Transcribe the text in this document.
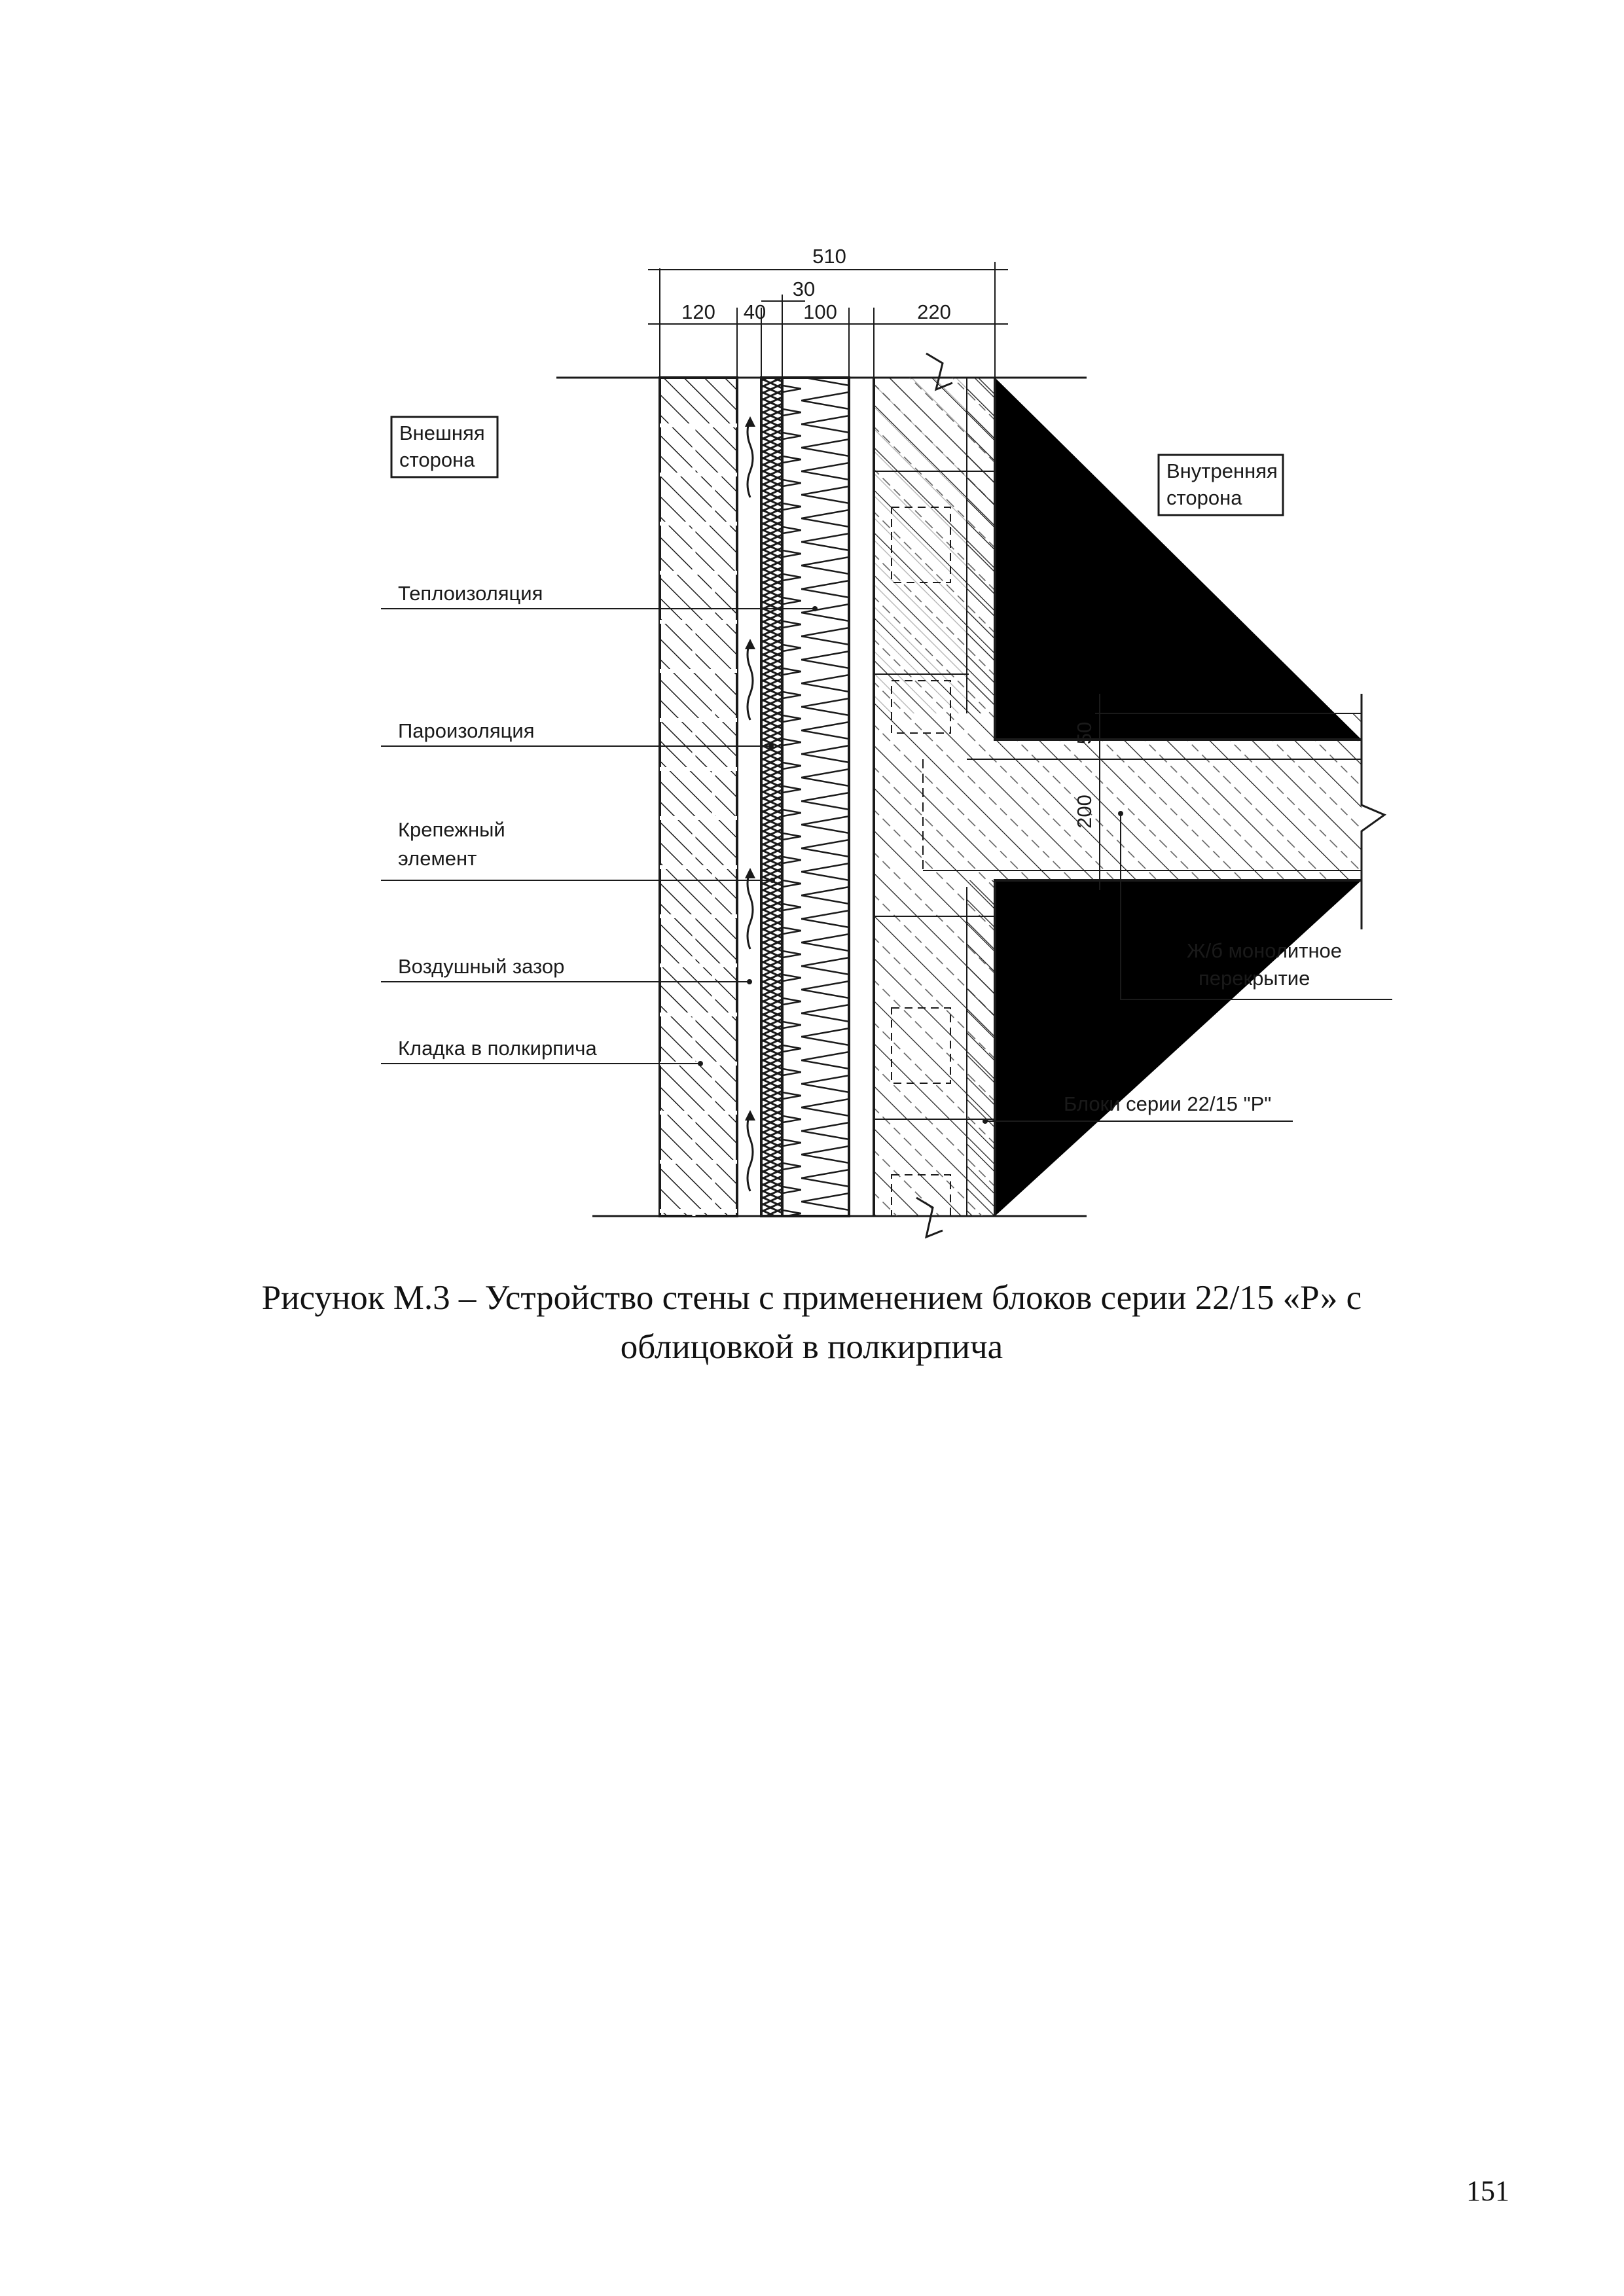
510
30
120 40 100	220
50
200
Внешняя
сторона	Внутренняя
сторона
Теплоизоляция
Пароизоляция
Крепежный
элемент
Воздушный зазор
Кладка в полкирпича
Ж/б монолитное
перекрытие
Блоки серии 22/15 "Р"
Рисунок М.3 – Устройство стены с применением блоков серии 22/15 «Р» с
облицовкой в полкирпича
151
